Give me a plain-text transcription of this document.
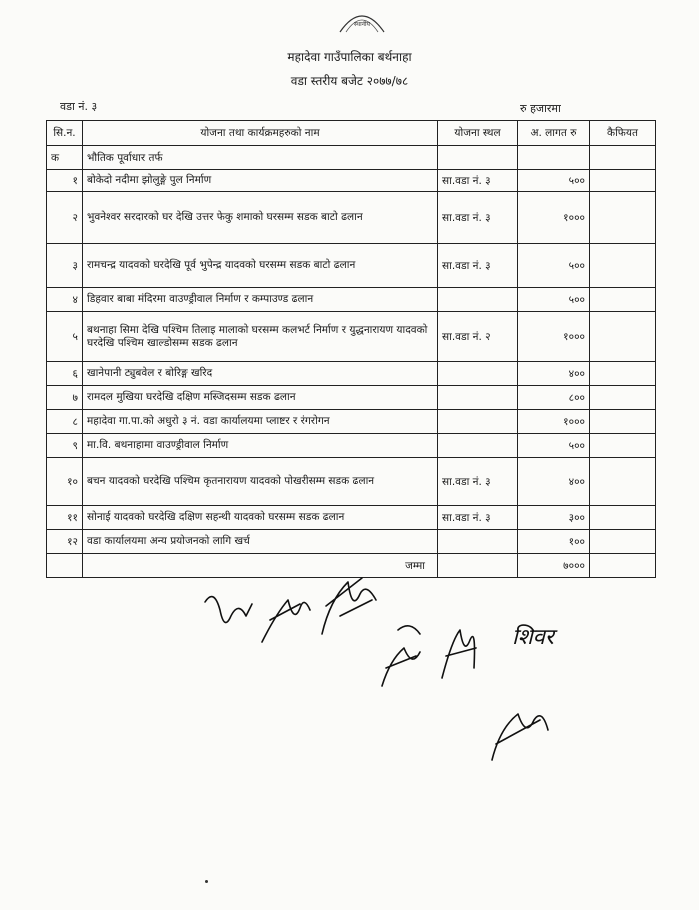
स्थानीय
महादेवा गाउँपालिका बर्थनाहा
वडा स्तरीय बजेट २०७७/७८
वडा नं. ३	रु हजारमा
सि.न.	योजना तथा कार्यक्रमहरुको नाम	योजना स्थल	अ. लागत रु	कैफियत
क	भौतिक पूर्वाधार तर्फ			
१	बोकेदो नदीमा झोलुङ्गे पुल निर्माण	सा.वडा नं. ३	५००	
२	भुवनेश्वर सरदारको घर देखि उत्तर फेकु शमाको घरसम्म सडक बाटो ढलान	सा.वडा नं. ३	१०००	
३	रामचन्द्र यादवको घरदेखि पूर्व भुपेन्द्र यादवको घरसम्म सडक बाटो ढलान	सा.वडा नं. ३	५००	
४	डिहवार बाबा मंदिरमा वाउण्ड्रीवाल निर्माण र कम्पाउण्ड ढलान		५००	
५	बथनाहा सिमा देखि पश्चिम तिलाइ मालाको घरसम्म कलभर्ट निर्माण र युद्धनारायण यादवको घरदेखि पश्चिम खाल्डोसम्म सडक ढलान	सा.वडा नं. २	१०००	
६	खानेपानी ट्युबवेल र बोरिङ्ग खरिद		४००	
७	रामदल मुखिया घरदेखि दक्षिण मस्जिदसम्म सडक ढलान		८००	
८	महादेवा गा.पा.को अधुरो ३ नं. वडा कार्यालयमा प्लाष्टर र रंगरोगन		१०००	
९	मा.वि. बथनाहामा वाउण्ड्रीवाल निर्माण		५००	
१०	बचन यादवको घरदेखि पश्चिम कृतनारायण यादवको पोखरीसम्म सडक ढलान	सा.वडा नं. ३	४००	
११	सोनाई यादवको घरदेखि दक्षिण सहन्थी यादवको घरसम्म सडक ढलान	सा.वडा नं. ३	३००	
१२	वडा कार्यालयमा अन्य प्रयोजनको लागि खर्च		१००	
	जम्मा		७०००	
शिवर
